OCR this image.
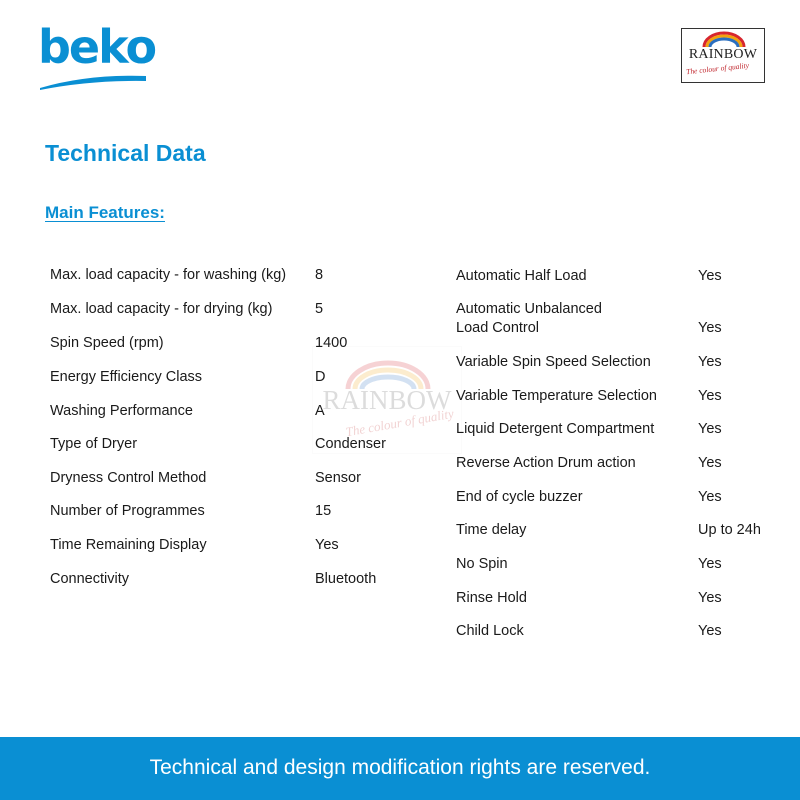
beko	RAINBOW
The colour of quality
RAINBOW
The colour of quality
Technical Data
Main Features:
Max. load capacity - for washing (kg) 8
Max. load capacity - for drying (kg)	5
Spin Speed (rpm)	1400
Energy Efficiency Class	D
Washing Performance	A
Type of Dryer	Condenser
Dryness Control Method	Sensor
Number of Programmes	15
Time Remaining Display	Yes
Connectivity	Bluetooth
Automatic Half Load	Yes
Automatic Unbalanced
Load Control	Yes
Variable Spin Speed Selection	Yes
Variable Temperature Selection	Yes
Liquid Detergent Compartment	Yes
Reverse Action Drum action	Yes
End of cycle buzzer	Yes
Time delay	Up to 24h
No Spin	Yes
Rinse Hold	Yes
Child Lock	Yes
Technical and design modification rights are reserved.
